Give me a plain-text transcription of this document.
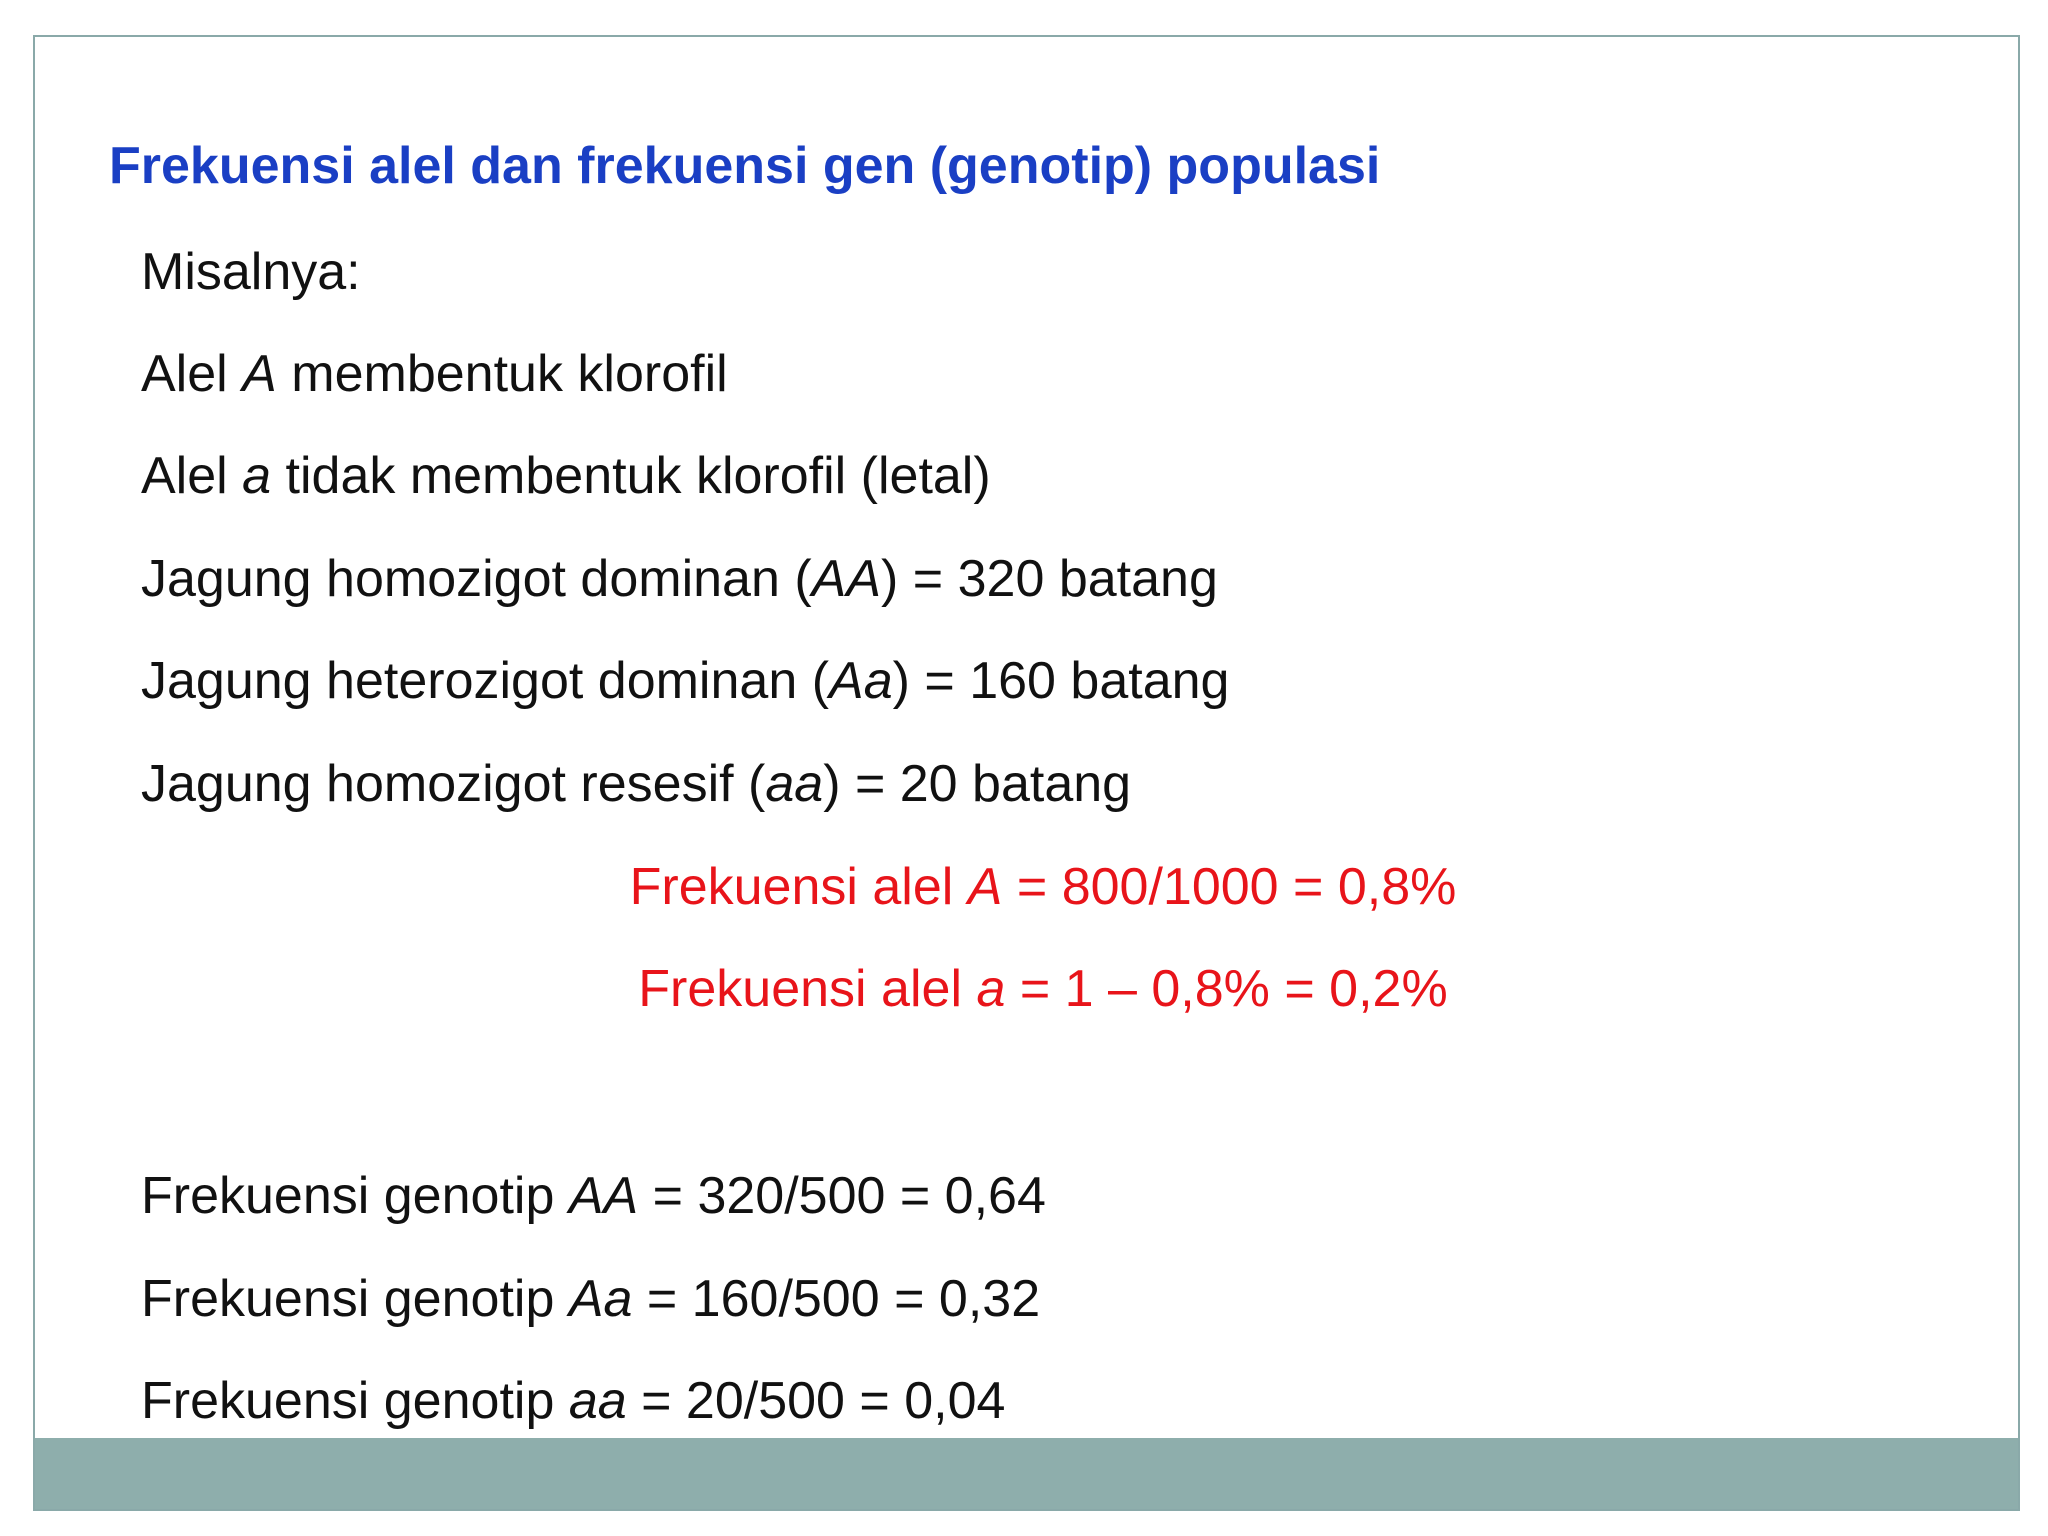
Frekuensi alel dan frekuensi gen (genotip) populasi
Misalnya:
Alel A membentuk klorofil
Alel a tidak membentuk klorofil (letal)
Jagung homozigot dominan (AA) = 320 batang
Jagung heterozigot dominan (Aa) = 160 batang
Jagung homozigot resesif (aa) = 20 batang
Frekuensi alel A = 800/1000 = 0,8%
Frekuensi alel a = 1 – 0,8% = 0,2%
Frekuensi genotip AA = 320/500 = 0,64
Frekuensi genotip Aa = 160/500 = 0,32
Frekuensi genotip aa = 20/500 = 0,04
